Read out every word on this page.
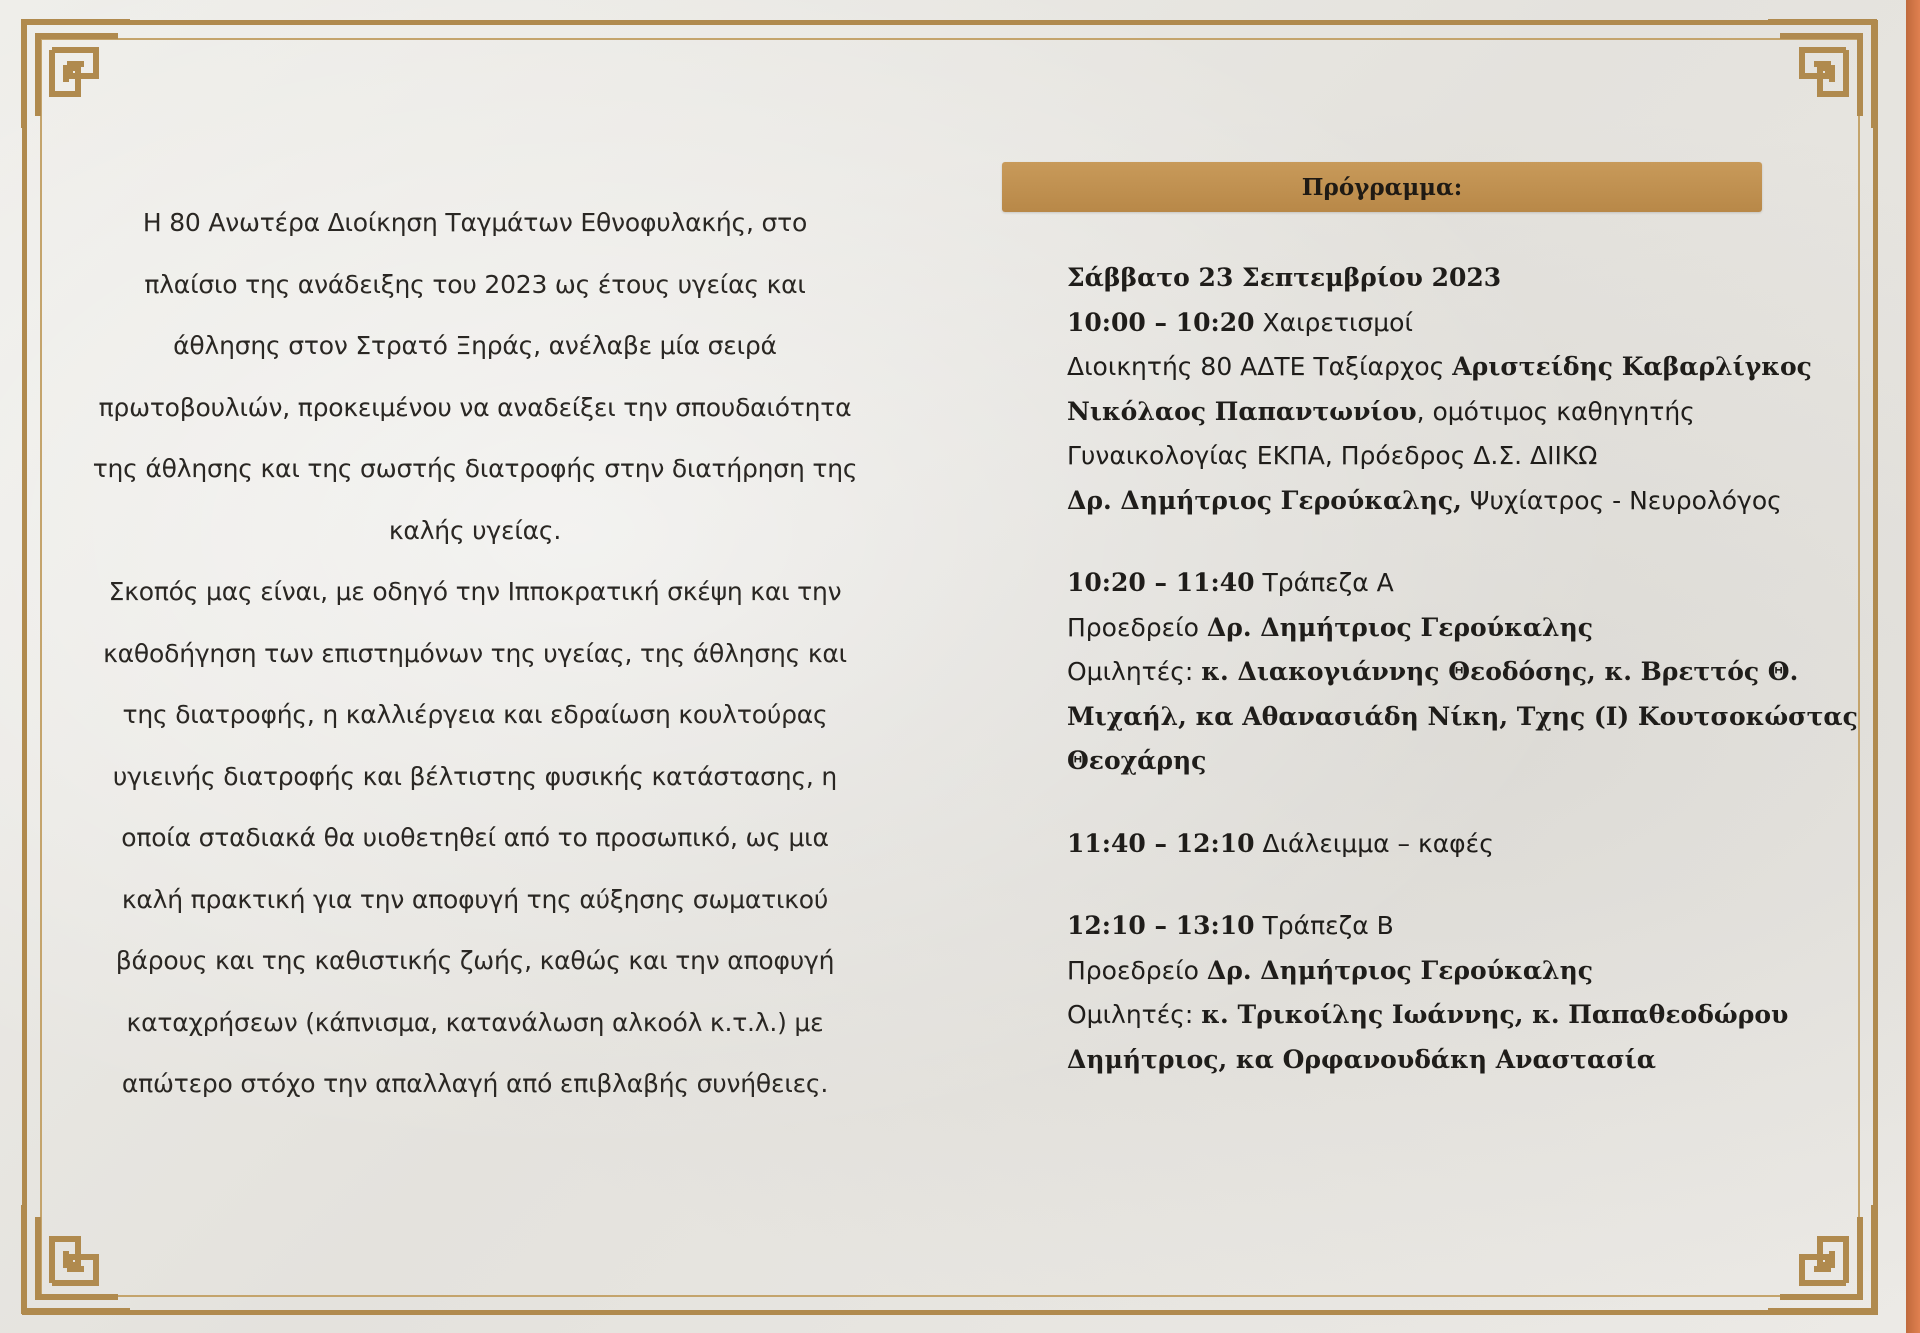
Η 80 Ανωτέρα Διοίκηση Ταγμάτων Εθνοφυλακής, στο

πλαίσιο της ανάδειξης του 2023 ως έτους υγείας και

άθλησης στον Στρατό Ξηράς, ανέλαβε μία σειρά

πρωτοβουλιών, προκειμένου να αναδείξει την σπουδαιότητα

της άθλησης και της σωστής διατροφής στην διατήρηση της

καλής υγείας.

Σκοπός μας είναι, με οδηγό την Ιπποκρατική σκέψη και την

καθοδήγηση των επιστημόνων της υγείας, της άθλησης και

της διατροφής, η καλλιέργεια και εδραίωση κουλτούρας

υγιεινής διατροφής και βέλτιστης φυσικής κατάστασης, η

οποία σταδιακά θα υιοθετηθεί από το προσωπικό, ως μια

καλή πρακτική για την αποφυγή της αύξησης σωματικού

βάρους και της καθιστικής ζωής, καθώς και την αποφυγή

καταχρήσεων (κάπνισμα, κατανάλωση αλκοόλ κ.τ.λ.) με

απώτερο στόχο την απαλλαγή από επιβλαβής συνήθειες.

Πρόγραμμα:
Σάββατο 23 Σεπτεμβρίου 2023
10:00 – 10:20 Χαιρετισμοί
Διοικητής 80 ΑΔΤΕ Ταξίαρχος Αριστείδης Καβαρλίγκος
Νικόλαος Παπαντωνίου, ομότιμος καθηγητής
Γυναικολογίας ΕΚΠΑ, Πρόεδρος Δ.Σ. ΔΙΙΚΩ
Δρ. Δημήτριος Γερούκαλης, Ψυχίατρος - Νευρολόγος
10:20 – 11:40 Τράπεζα Α
Προεδρείο Δρ. Δημήτριος Γερούκαλης
Ομιλητές: κ. Διακογιάννης Θεοδόσης, κ. Βρεττός Θ.
Μιχαήλ, κα Αθανασιάδη Νίκη, Τχης (Ι) Κουτσοκώστας
Θεοχάρης
11:40 – 12:10 Διάλειμμα – καφές
12:10 – 13:10 Τράπεζα Β
Προεδρείο Δρ. Δημήτριος Γερούκαλης
Ομιλητές: κ. Τρικοίλης Ιωάννης, κ. Παπαθεοδώρου
Δημήτριος, κα Ορφανουδάκη Αναστασία
